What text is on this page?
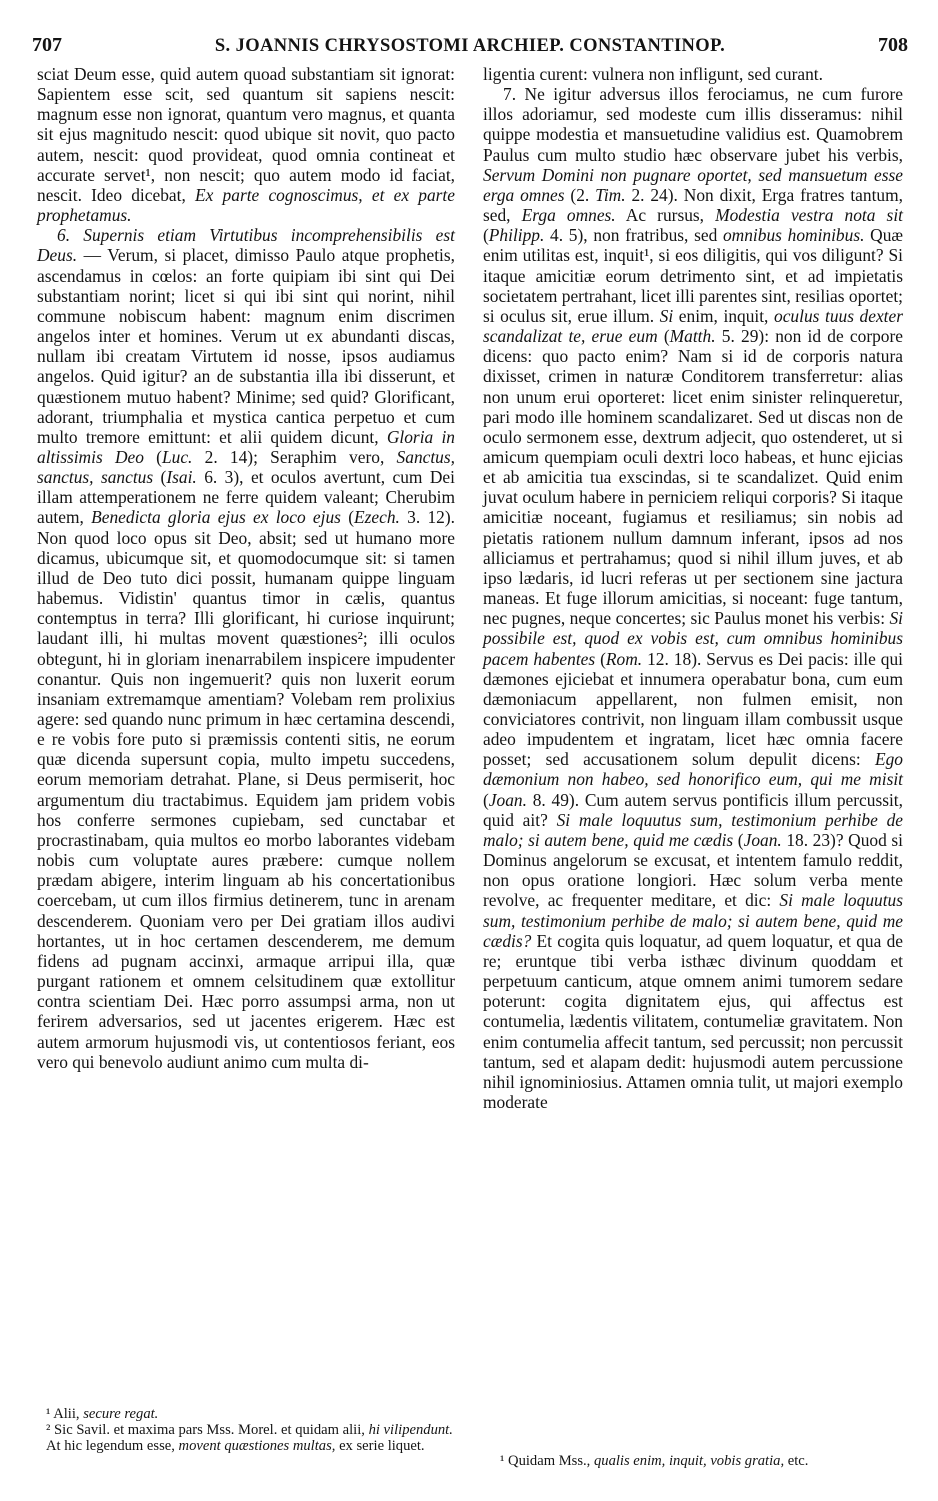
707	S. JOANNIS CHRYSOSTOMI ARCHIEP. CONSTANTINOP.	708

sciat Deum esse, quid autem quoad substantiam sit ignorat: Sapientem esse scit, sed quantum sit sapiens nescit: magnum esse non ignorat, quantum vero magnus, et quanta sit ejus magnitudo nescit: quod ubique sit novit, quo pacto autem, nescit: quod provideat, quod omnia contineat et accurate servet¹, non nescit; quo autem modo id faciat, nescit. Ideo dicebat, Ex parte cognoscimus, et ex parte prophetamus.

6. Supernis etiam Virtutibus incomprehensibilis est Deus. — Verum, si placet, dimisso Paulo atque prophetis, ascendamus in cœlos: an forte quipiam ibi sint qui Dei substantiam norint; licet si qui ibi sint qui norint, nihil commune nobiscum habent: magnum enim discrimen angelos inter et homines. Verum ut ex abundanti discas, nullam ibi creatam Virtutem id nosse, ipsos audiamus angelos. Quid igitur? an de substantia illa ibi disserunt, et quæstionem mutuo habent? Minime; sed quid? Glorificant, adorant, triumphalia et mystica cantica perpetuo et cum multo tremore emittunt: et alii quidem dicunt, Gloria in altissimis Deo (Luc. 2. 14); Seraphim vero, Sanctus, sanctus, sanctus (Isai. 6. 3), et oculos avertunt, cum Dei illam attemperationem ne ferre quidem valeant; Cherubim autem, Benedicta gloria ejus ex loco ejus (Ezech. 3. 12). Non quod loco opus sit Deo, absit; sed ut humano more dicamus, ubicumque sit, et quomodocumque sit: si tamen illud de Deo tuto dici possit, humanam quippe linguam habemus. Vidistin' quantus timor in cælis, quantus contemptus in terra? Illi glorificant, hi curiose inquirunt; laudant illi, hi multas movent quæstiones²; illi oculos obtegunt, hi in gloriam inenarrabilem inspicere impudenter conantur. Quis non ingemuerit? quis non luxerit eorum insaniam extremamque amentiam? Volebam rem prolixius agere: sed quando nunc primum in hæc certamina descendi, e re vobis fore puto si præmissis contenti sitis, ne eorum quæ dicenda supersunt copia, multo impetu succedens, eorum memoriam detrahat. Plane, si Deus permiserit, hoc argumentum diu tractabimus. Equidem jam pridem vobis hos conferre sermones cupiebam, sed cunctabar et procrastinabam, quia multos eo morbo laborantes videbam nobis cum voluptate aures præbere: cumque nollem prædam abigere, interim linguam ab his concertationibus coercebam, ut cum illos firmius detinerem, tunc in arenam descenderem. Quoniam vero per Dei gratiam illos audivi hortantes, ut in hoc certamen descenderem, me demum fidens ad pugnam accinxi, armaque arripui illa, quæ purgant rationem et omnem celsitudinem quæ extollitur contra scientiam Dei. Hæc porro assumpsi arma, non ut ferirem adversarios, sed ut jacentes erigerem. Hæc est autem armorum hujusmodi vis, ut contentiosos feriant, eos vero qui benevolo audiunt animo cum multa di-

ligentia curent: vulnera non infligunt, sed curant.

7. Ne igitur adversus illos ferociamus, ne cum furore illos adoriamur, sed modeste cum illis disseramus: nihil quippe modestia et mansuetudine validius est. Quamobrem Paulus cum multo studio hæc observare jubet his verbis, Servum Domini non pugnare oportet, sed mansuetum esse erga omnes (2. Tim. 2. 24). Non dixit, Erga fratres tantum, sed, Erga omnes. Ac rursus, Modestia vestra nota sit (Philipp. 4. 5), non fratribus, sed omnibus hominibus. Quæ enim utilitas est, inquit¹, si eos diligitis, qui vos diligunt? Si itaque amicitiæ eorum detrimento sint, et ad impietatis societatem pertrahant, licet illi parentes sint, resilias oportet; si oculus sit, erue illum. Si enim, inquit, oculus tuus dexter scandalizat te, erue eum (Matth. 5. 29): non id de corpore dicens: quo pacto enim? Nam si id de corporis natura dixisset, crimen in naturæ Conditorem transferretur: alias non unum erui oporteret: licet enim sinister relinqueretur, pari modo ille hominem scandalizaret. Sed ut discas non de oculo sermonem esse, dextrum adjecit, quo ostenderet, ut si amicum quempiam oculi dextri loco habeas, et hunc ejicias et ab amicitia tua exscindas, si te scandalizet. Quid enim juvat oculum habere in perniciem reliqui corporis? Si itaque amicitiæ noceant, fugiamus et resiliamus; sin nobis ad pietatis rationem nullum damnum inferant, ipsos ad nos alliciamus et pertrahamus; quod si nihil illum juves, et ab ipso lædaris, id lucri referas ut per sectionem sine jactura maneas. Et fuge illorum amicitias, si noceant: fuge tantum, nec pugnes, neque concertes; sic Paulus monet his verbis: Si possibile est, quod ex vobis est, cum omnibus hominibus pacem habentes (Rom. 12. 18). Servus es Dei pacis: ille qui dæmones ejiciebat et innumera operabatur bona, cum eum dæmoniacum appellarent, non fulmen emisit, non conviciatores contrivit, non linguam illam combussit usque adeo impudentem et ingratam, licet hæc omnia facere posset; sed accusationem solum depulit dicens: Ego dæmonium non habeo, sed honorifico eum, qui me misit (Joan. 8. 49). Cum autem servus pontificis illum percussit, quid ait? Si male loquutus sum, testimonium perhibe de malo; si autem bene, quid me cædis (Joan. 18. 23)? Quod si Dominus angelorum se excusat, et intentem famulo reddit, non opus oratione longiori. Hæc solum verba mente revolve, ac frequenter meditare, et dic: Si male loquutus sum, testimonium perhibe de malo; si autem bene, quid me cædis? Et cogita quis loquatur, ad quem loquatur, et qua de re; eruntque tibi verba isthæc divinum quoddam et perpetuum canticum, atque omnem animi tumorem sedare poterunt: cogita dignitatem ejus, qui affectus est contumelia, lædentis vilitatem, contumeliæ gravitatem. Non enim contumelia affecit tantum, sed percussit; non percussit tantum, sed et alapam dedit: hujusmodi autem percussione nihil ignominiosius. Attamen omnia tulit, ut majori exemplo moderate

¹ Alii, secure regat.
² Sic Savil. et maxima pars Mss. Morel. et quidam alii, hi vilipendunt. At hic legendum esse, movent quæstiones multas, ex serie liquet.
¹ Quidam Mss., qualis enim, inquit, vobis gratia, etc.
